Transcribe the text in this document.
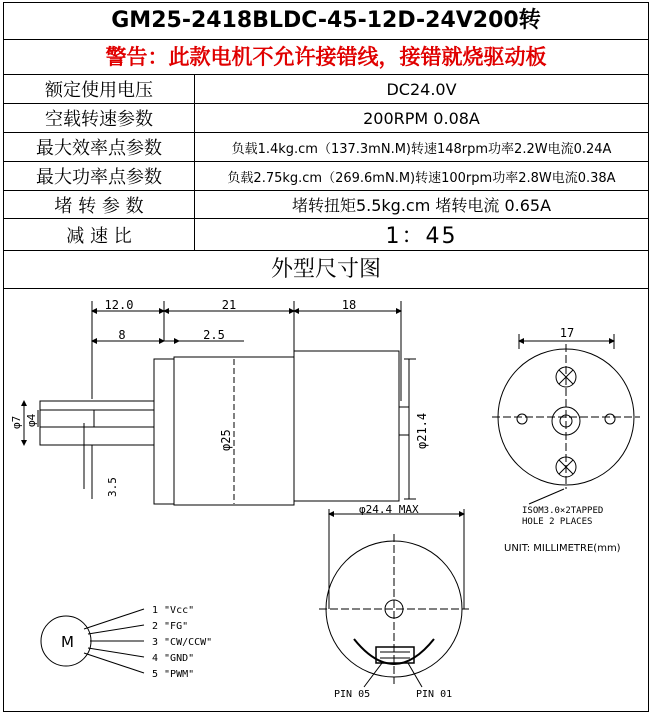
GM25-2418BLDC-45-12D-24V200转
警告：此款电机不允许接错线，接错就烧驱动板
额定使用电压	DC24.0V
空载转速参数	200RPM 0.08A
最大效率点参数	负载1.4kg.cm（137.3mN.M)转速148rpm功率2.2W电流0.24A
最大功率点参数	负载2.75kg.cm（269.6mN.M)转速100rpm功率2.8W电流0.38A
堵 转 参 数	堵转扭矩5.5kg.cm 堵转电流 0.65A
减 速 比	1：45
外型尺寸图
12.0	21	18
8	2.5
φ7 φ4
3.5
φ25	φ21.4
17
ISOM3.0×2TAPPED
HOLE 2 PLACES
UNIT: MILLIMETRE(mm)
φ24.4 MAX
PIN 05	PIN 01
M
1 "Vcc"
2 "FG"
3 "CW/CCW"
4 "GND"
5 "PWM"
